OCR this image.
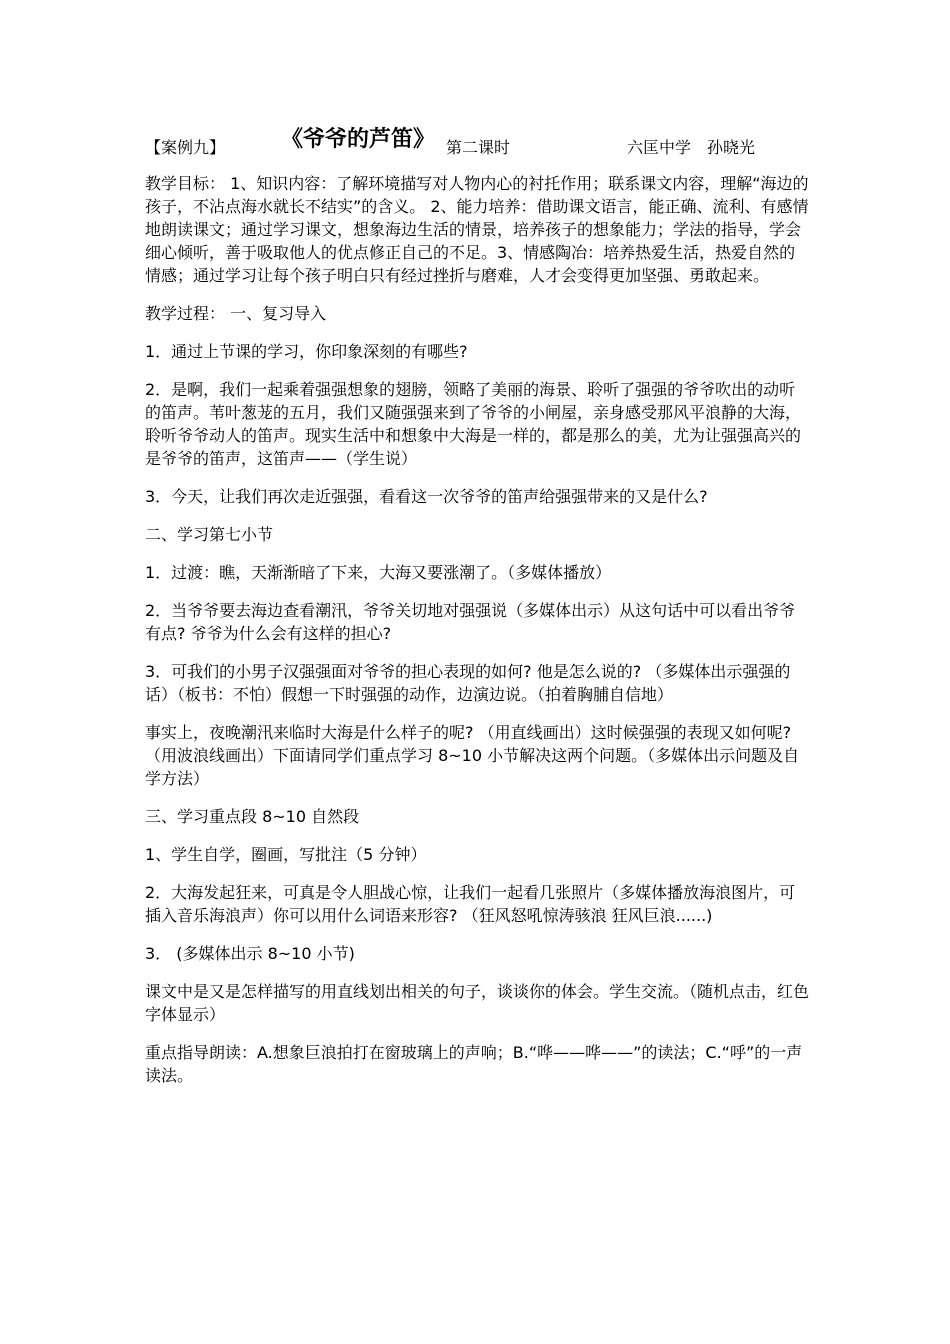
【案例九】	《爷爷的芦笛》 第二课时	六匡中学 孙晓光

教学目标： 1、知识内容：了解环境描写对人物内心的衬托作用；联系课文内容，理解“海边的孩子，不沾点海水就长不结实”的含义。 2、能力培养：借助课文语言，能正确、流利、有感情地朗读课文；通过学习课文，想象海边生活的情景，培养孩子的想象能力；学法的指导，学会细心倾听，善于吸取他人的优点修正自己的不足。3、情感陶冶：培养热爱生活，热爱自然的情感；通过学习让每个孩子明白只有经过挫折与磨难，人才会变得更加坚强、勇敢起来。

教学过程： 一、复习导入

1．通过上节课的学习，你印象深刻的有哪些?

2．是啊，我们一起乘着强强想象的翅膀，领略了美丽的海景、聆听了强强的爷爷吹出的动听的笛声。苇叶葱茏的五月，我们又随强强来到了爷爷的小闸屋，亲身感受那风平浪静的大海，聆听爷爷动人的笛声。现实生活中和想象中大海是一样的，都是那么的美，尤为让强强高兴的是爷爷的笛声，这笛声——（学生说）

3．今天，让我们再次走近强强，看看这一次爷爷的笛声给强强带来的又是什么?

二、学习第七小节

1．过渡：瞧，天渐渐暗了下来，大海又要涨潮了。（多媒体播放）

2．当爷爷要去海边查看潮汛，爷爷关切地对强强说（多媒体出示）从这句话中可以看出爷爷有点? 爷爷为什么会有这样的担心?

3．可我们的小男子汉强强面对爷爷的担心表现的如何? 他是怎么说的? （多媒体出示强强的话）（板书：不怕）假想一下时强强的动作，边演边说。（拍着胸脯自信地）

事实上，夜晚潮汛来临时大海是什么样子的呢? （用直线画出）这时候强强的表现又如何呢? （用波浪线画出）下面请同学们重点学习 8~10 小节解决这两个问题。（多媒体出示问题及自学方法）

三、学习重点段 8~10 自然段

1、学生自学，圈画，写批注（5 分钟）

2．大海发起狂来，可真是令人胆战心惊，让我们一起看几张照片（多媒体播放海浪图片，可插入音乐海浪声）你可以用什么词语来形容? （狂风怒吼惊涛骇浪 狂风巨浪......)

3． (多媒体出示 8~10 小节)

课文中是又是怎样描写的用直线划出相关的句子，谈谈你的体会。学生交流。（随机点击，红色字体显示）

重点指导朗读：A.想象巨浪拍打在窗玻璃上的声响；B.“哗——哗——”的读法；C.“呼”的一声读法。
